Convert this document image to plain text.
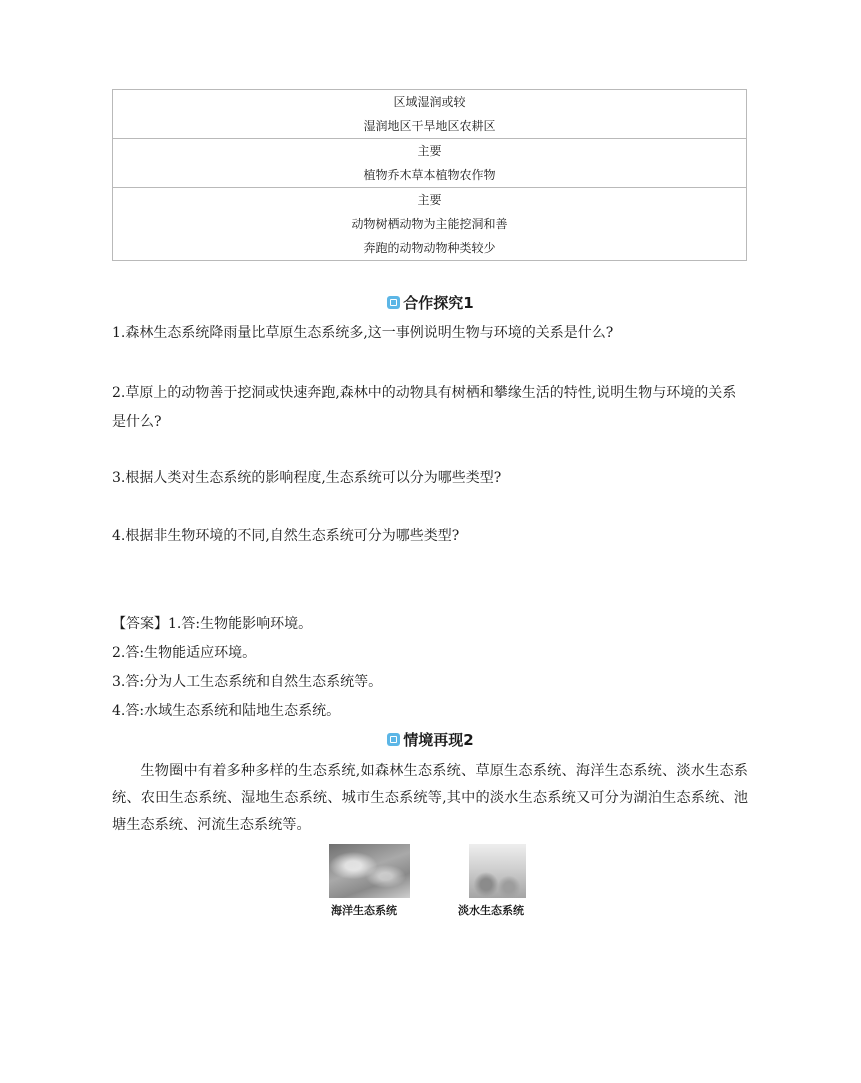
区域湿润或较
湿润地区干旱地区农耕区
主要
植物乔木草本植物农作物
主要
动物树栖动物为主能挖洞和善
奔跑的动物动物种类较少
合作探究1
1.森林生态系统降雨量比草原生态系统多,这一事例说明生物与环境的关系是什么?
2.草原上的动物善于挖洞或快速奔跑,森林中的动物具有树栖和攀缘生活的特性,说明生物与环境的关系是什么?
3.根据人类对生态系统的影响程度,生态系统可以分为哪些类型?
4.根据非生物环境的不同,自然生态系统可分为哪些类型?
【答案】1.答:生物能影响环境。
2.答:生物能适应环境。
3.答:分为人工生态系统和自然生态系统等。
4.答:水域生态系统和陆地生态系统。
情境再现2
生物圈中有着多种多样的生态系统,如森林生态系统、草原生态系统、海洋生态系统、淡水生态系统、农田生态系统、湿地生态系统、城市生态系统等,其中的淡水生态系统又可分为湖泊生态系统、池塘生态系统、河流生态系统等。
海洋生态系统	淡水生态系统
